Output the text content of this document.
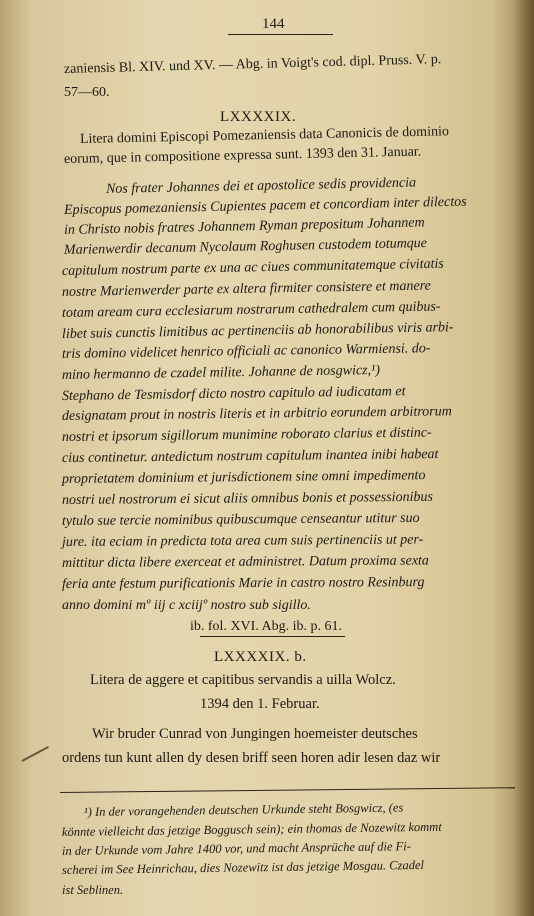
144
zaniensis Bl. XIV. und XV. — Abg. in Voigt's cod. dipl. Pruss. V. p.
57—60.
LXXXXIX.
Litera domini Episcopi Pomezaniensis data Canonicis de dominio
eorum, que in compositione expressa sunt. 1393 den 31. Januar.
Nos frater Johannes dei et apostolice sedis providencia
Episcopus pomezaniensis Cupientes pacem et concordiam inter dilectos
in Christo nobis fratres Johannem Ryman prepositum Johannem
Marienwerdir decanum Nycolaum Roghusen custodem totumque
capitulum nostrum parte ex una ac ciues communitatemque civitatis
nostre Marienwerder parte ex altera firmiter consistere et manere
totam aream cura ecclesiarum nostrarum cathedralem cum quibus-
libet suis cunctis limitibus ac pertinenciis ab honorabilibus viris arbi-
tris domino videlicet henrico officiali ac canonico Warmiensi. do-
mino hermanno de czadel milite. Johanne de nosgwicz,¹)
Stephano de Tesmisdorf dicto nostro capitulo ad iudicatam et
designatam prout in nostris literis et in arbitrio eorundem arbitrorum
nostri et ipsorum sigillorum munimine roborato clarius et distinc-
cius continetur. antedictum nostrum capitulum inantea inibi habeat
proprietatem dominium et jurisdictionem sine omni impedimento
nostri uel nostrorum ei sicut aliis omnibus bonis et possessionibus
tytulo sue tercie nominibus quibuscumque censeantur utitur suo
jure. ita eciam in predicta tota area cum suis pertinenciis ut per-
mittitur dicta libere exerceat et administret. Datum proxima sexta
feria ante festum purificationis Marie in castro nostro Resinburg
anno domini mº iij c xciijº nostro sub sigillo.
ib. fol. XVI. Abg. ib. p. 61.
LXXXXIX. b.
Litera de aggere et capitibus servandis a uilla Wolcz.
1394 den 1. Februar.
Wir bruder Cunrad von Jungingen hoemeister deutsches
ordens tun kunt allen dy desen briff seen horen adir lesen daz wir
¹) In der vorangehenden deutschen Urkunde steht Bosgwicz, (es
könnte vielleicht das jetzige Boggusch sein); ein thomas de Nozewitz kommt
in der Urkunde vom Jahre 1400 vor, und macht Ansprüche auf die Fi-
scherei im See Heinrichau, dies Nozewitz ist das jetzige Mosgau. Czadel
ist Seblinen.
